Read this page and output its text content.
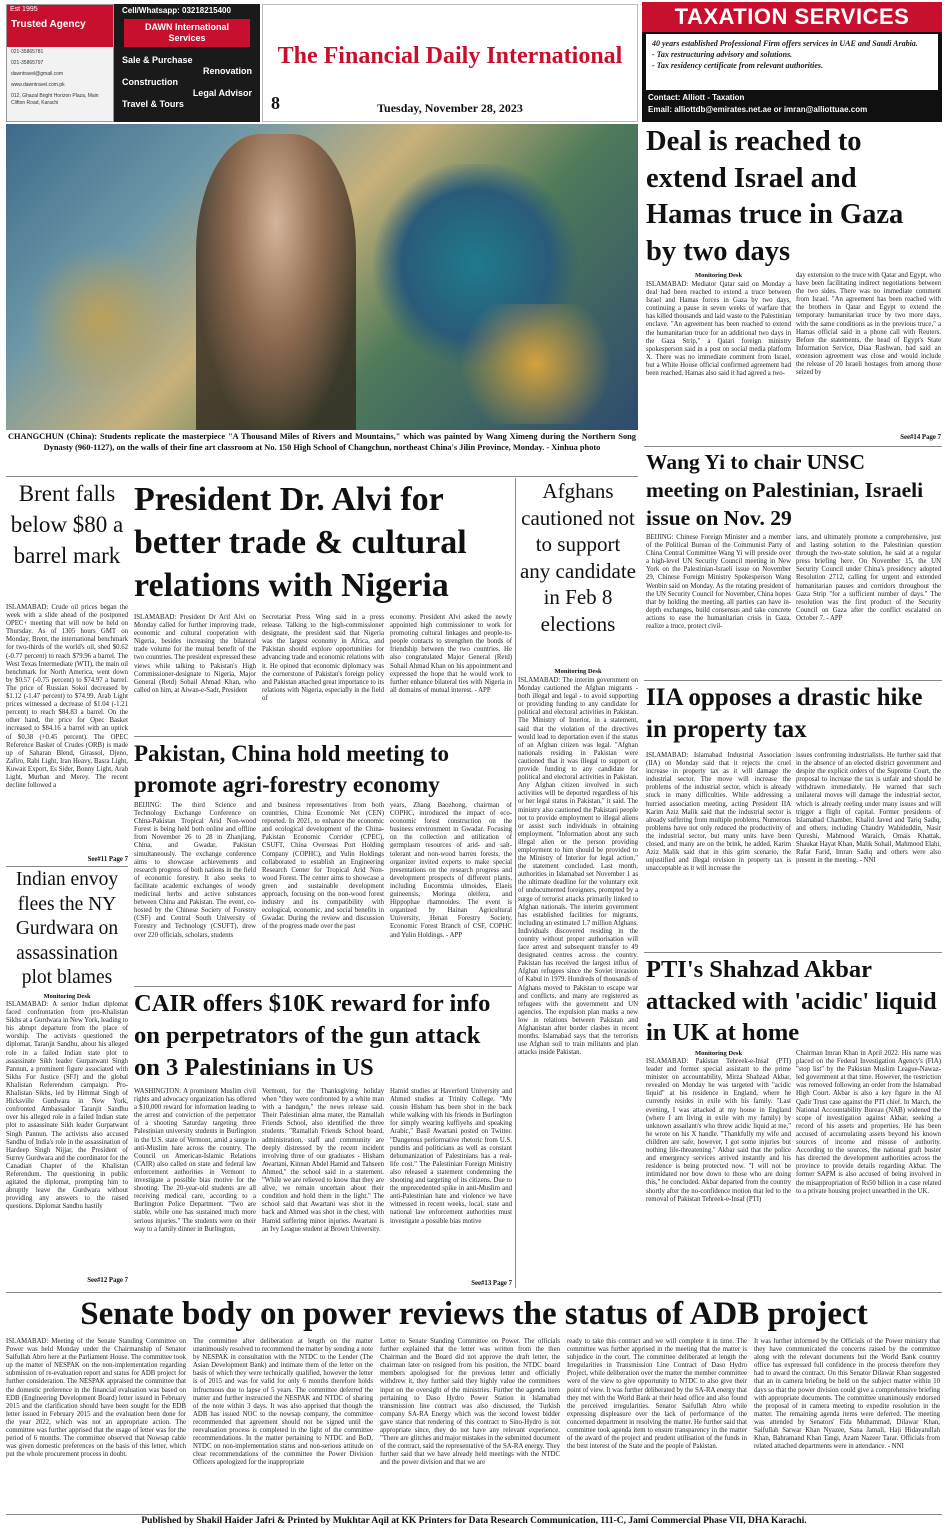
Est 1995
Trusted Agency
021-35865781
021-35865797
dawntravel@gmail.com
www.dawntravel.com.pk
012, Ghazal Bright Horizon Plaza, Main Clifton Road, Karachi
Cell/Whatsapp: 03218215400
DAWN International Services
Sale & Purchase
Renovation
Construction
Legal Advisor
Travel & Tours
The Financial Daily International
8	Tuesday, November 28, 2023
TAXATION SERVICES
40 years established Professional Firm offers services in UAE and Saudi Arabia.
- Tax restructuring advisory and solutions.
- Tax residency certificate from relevant authorities.
Contact: Alliott - Taxation
Email: alliottdb@emirates.net.ae or imran@alliottuae.com
CHANGCHUN (China): Students replicate the masterpiece "A Thousand Miles of Rivers and Mountains," which was painted by Wang Ximeng during the Northern Song Dynasty (960-1127), on the walls of their fine art classroom at No. 150 High School of Changchun, northeast China's Jilin Province, Monday. - Xinhua photo
Deal is reached to extend Israel and Hamas truce in Gaza by two days
Monitoring Desk
ISLAMABAD: Mediator Qatar said on Monday a deal had been reached to extend a truce between Israel and Hamas forces in Gaza by two days, continuing a pause in seven weeks of warfare that has killed thousands and laid waste to the Palestinian enclave. "An agreement has been reached to extend the humanitarian truce for an additional two days in the Gaza Strip," a Qatari foreign ministry spokesperson said in a post on social media platform X. There was no immediate comment from Israel, but a White House official confirmed agreement had been reached. Hamas also said it had agreed a two-
day extension to the truce with Qatar and Egypt, who have been facilitating indirect negotiations between the two sides. There was no immediate comment from Israel. "An agreement has been reached with the brothers in Qatar and Egypt to extend the temporary humanitarian truce by two more days, with the same conditions as in the previous truce," a Hamas official said in a phone call with Reuters. Before the statements, the head of Egypt's State Information Service, Diaa Rashwan, had said an extension agreement was close and would include the release of 20 Israeli hostages from among those seized by
See#14 Page 7
Wang Yi to chair UNSC meeting on Palestinian, Israeli issue on Nov. 29
BEIJING: Chinese Foreign Minister and a member of the Political Bureau of the Communist Party of China Central Committee Wang Yi will preside over a high-level UN Security Council meeting in New York on the Palestinian-Israeli issue on November 29, Chinese Foreign Ministry Spokesperson Wang Wenbin said on Monday. As the rotating president of the UN Security Council for November, China hopes that by holding the meeting, all parties can have in-depth exchanges, build consensus and take concrete actions to ease the humanitarian crisis in Gaza, realize a truce, protect civil-
ians, and ultimately promote a comprehensive, just and lasting solution to the Palestinian question through the two-state solution, he said at a regular press briefing here. On November 15, the UN Security Council under China's presidency adopted Resolution 2712, calling for urgent and extended humanitarian pauses and corridors throughout the Gaza Strip "for a sufficient number of days." The resolution was the first product of the Security Council on Gaza after the conflict escalated on October 7. - APP
IIA opposes a drastic hike in property tax
ISLAMABAD: Islamabad Industrial Association (IIA) on Monday said that it rejects the cruel increase in property tax as it will damage the industrial sector. The move will increase the problems of the industrial sector, which is already stuck in many difficulties. While addressing a hurried association meeting, acting President IIA Karim Aziz Malik said that the industrial sector is already suffering from multiple problems. Numerous problems have not only reduced the productivity of the industrial sector, but many units have been closed, and many are on the brink, he added. Karim Aziz Malik said that in this grim scenario, the unjustified and illegal revision in property tax is unacceptable as it will increase the
issues confronting industrialists. He further said that in the absence of an elected district government and despite the explicit orders of the Supreme Court, the proposal to increase the tax is unfair and should be withdrawn immediately. He warned that such unilateral moves will damage the industrial sector, which is already reeling under many issues and will trigger a flight of capital. Former presidents of Islamabad Chamber, Khalid Javed and Tariq Sadiq, and others, including Chaudry Wahiduddin, Nasir Qureshi, Mahmood Waraich, Omais Khattak, Shaukat Hayat Khan, Malik Sohail, Mahmood Elahi, Rafat Farid, Imran Sadiq and others were also present in the meeting. - NNI
PTI's Shahzad Akbar attacked with 'acidic' liquid in UK at home
Monitoring Desk
ISLAMABAD: Pakistan Tehreek-e-Insaf (PTI) leader and former special assistant to the prime minister on accountability, Mirza Shahzad Akbar, revealed on Monday he was targeted with "acidic liquid" at his residence in England, where he currently resides in exile with his family. "Last evening, I was attacked at my house in England (where I am living in exile with my family) by unknown assailant/s who threw acidic liquid at me," he wrote on his X handle. "Thankfully my wife and children are safe, however, I got some injuries but nothing life-threatening." Akbar said that the police and emergency services arrived instantly and his residence is being protected now. "I will not be intimidated nor bow down to those who are doing this," he concluded. Akbar departed from the country shortly after the no-confidence motion that led to the removal of Pakistan Tehreek-e-Insaf (PTI)
Chairman Imran Khan in April 2022. His name was placed on the Federal Investigation Agency's (FIA) "stop list" by the Pakistan Muslim League-Nawaz-led government at that time. However, the restriction was removed following an order from the Islamabad High Court. Akbar is also a key figure in the Al Qadir Trust case against the PTI chief. In March, the National Accountability Bureau (NAB) widened the scope of investigation against Akbar, seeking a record of his assets and properties. He has been accused of accumulating assets beyond his known sources of income and misuse of authority. According to the sources, the national graft buster has directed the development authorities across the province to provide details regarding Akbar. The former SAPM is also accused of being involved in the misappropriation of Rs50 billion in a case related to a private housing project unearthed in the UK.
Brent falls below $80 a barrel mark
ISLAMABAD: Crude oil prices began the week with a slide ahead of the postponed OPEC+ meeting that will now be held on Thursday. As of 1305 hours GMT on Monday, Brent, the international benchmark for two-thirds of the world's oil, shed $0.62 (-0.77 percent) to reach $79.96 a barrel. The West Texas Intermediate (WTI), the main oil benchmark for North America, went down by $0.57 (-0.75 percent) to $74.97 a barrel. The price of Russian Sokol decreased by $1.12 (-1.47 percent) to $74.99. Arab Light prices witnessed a decrease of $1.04 (-1.21 percent) to reach $84.83 a barrel. On the other hand, the price for Opec Basket increased to $84.16 a barrel with an uptick of $0.38 (+0.45 percent). The OPEC Reference Basket of Crudes (ORB) is made up of Saharan Blend, Girassol, Djeno, Zafiro, Rabi Light, Iran Heavy, Basra Light, Kuwait Export, Es Sider, Bonny Light, Arab Light, Murban and Merey. The recent decline followed a
See#11 Page 7
Indian envoy flees the NY Gurdwara on assassination plot blames
Monitoring Desk
ISLAMABAD: A senior Indian diplomat faced confrontation from pro-Khalistan Sikhs at a Gurdwara in New York, leading to his abrupt departure from the place of worship. The activists questioned the diplomat, Taranjit Sandhu, about his alleged role in a failed Indian state plot to assassinate Sikh leader Gurpatwant Singh Pannun, a prominent figure associated with Sikhs For Justice (SFJ) and the global Khalistan Referendum campaign. Pro-Khalistan Sikhs, led by Himmat Singh of Hicksville Gurdwara in New York, confronted Ambassador Taranjit Sandhu over his alleged role in a failed Indian state plot to assassinate Sikh leader Gurpatwant Singh Pannun. The activists also accused Sandhu of India's role in the assassination of Hardeep Singh Nijjar, the President of Surrey Gurdwara and the coordinator for the Canadian Chapter of the Khalistan Referendum. The questioning in public agitated the diplomat, prompting him to abruptly leave the Gurdwara without providing any answers to the raised questions. Diplomat Sandhu hastily
See#12 Page 7
President Dr. Alvi for better trade & cultural relations with Nigeria
ISLAMABAD: President Dr Arif Alvi on Monday called for further improving trade, economic and cultural cooperation with Nigeria, besides increasing the bilateral trade volume for the mutual benefit of the two countries. The president expressed these views while talking to Pakistan's High Commissioner-designate to Nigeria, Major General (Retd) Sohail Ahmad Khan, who called on him, at Aiwan-e-Sadr, President
Secretariat Press Wing said in a press release. Talking to the high-commissioner designate, the president said that Nigeria was the largest economy in Africa, and Pakistan should explore opportunities for advancing trade and economic relations with it. He opined that economic diplomacy was the cornerstone of Pakistan's foreign policy and Pakistan attached great importance to its relations with Nigeria, especially in the field of
economy. President Alvi asked the newly appointed high commissioner to work for promoting cultural linkages and people-to-people contacts to strengthen the bonds of friendship between the two countries. He also congratulated Major General (Retd) Sohail Ahmad Khan on his appointment and expressed the hope that he would work to further enhance bilateral ties with Nigeria in all domains of mutual interest. - APP
Pakistan, China hold meeting to promote agri-forestry economy
BEIJING: The third Science and Technology Exchange Conference on China-Pakistan Tropical Arid Non-wood Forest is being held both online and offline from November 26 to 28 in Zhanjiang, China, and Gwadar, Pakistan simultaneously. The exchange conference aims to showcase achievements and research progress of both nations in the field of economic forestry. It also seeks to facilitate academic exchanges of woody medicinal herbs and active substances between China and Pakistan. The event, co-hosted by the Chinese Society of Forestry (CSF) and Central South University of Forestry and Technology (CSUFT), drew over 220 officials, scholars, students
and business representatives from both countries, China Economic Net (CEN) reported. In 2021, to enhance the economic and ecological development of the China-Pakistan Economic Corridor (CPEC), CSUFT, China Overseas Port Holding Company (COPHC), and Yulin Holdings collaborated to establish an Engineering Research Center for Tropical Arid Non-wood Forest. The center aims to showcase a green and sustainable development approach, focusing on the non-wood forest industry and its compatibility with ecological, economic, and social benefits in Gwadar. During the review and discussion of the progress made over the past
years, Zhang Baozhong, chairman of COPHC, introduced the impact of eco-economic forest construction on the business environment in Gwadar. Focusing on the collection and utilization of germplasm resources of arid- and salt-tolerant and non-wood barren forests, the organizer invited experts to make special presentations on the research progress and development prospects of different plants, including Eucommia ulmoides, Elaeis guineensis, Moringa oleifera, and Hippophae rhamnoides. The event is organized by Hainan Agricultural University, Henan Forestry Society, Economic Forest Branch of CSF, COPHC and Yulin Holdings. - APP
CAIR offers $10K reward for info on perpetrators of the gun attack on 3 Palestinians in US
WASHINGTON: A prominent Muslim civil rights and advocacy organization has offered a $10,000 reward for information leading to the arrest and conviction of the perpetrator of a shooting Saturday targeting three Palestinian university students in Burlington in the U.S. state of Vermont, amid a surge in anti-Muslim hate across the country. The Council on American-Islamic Relations (CAIR) also called on state and federal law enforcement authorities in Vermont to investigate a possible bias motive for the shooting. The 20-year-old students are all receiving medical care, according to a Burlington Police Department. "Two are stable, while one has sustained much more serious injuries." The students were on their way to a family dinner in Burlington,
Vermont, for the Thanksgiving holiday when "they were confronted by a white man with a handgun," the news release said. Their Palestinian alma mater, the Ramallah Friends School, also identified the three students. "Ramallah Friends School board, administration, staff and community are deeply distressed by the recent incident involving three of our graduates - Hisham Awartani, Kinnan Abdel Hamid and Tahseen Ahmed," the school said in a statement. "While we are relieved to know that they are alive, we remain uncertain about their condition and hold them in the light." The school said that Awartani was shot in the back and Ahmed was shot in the chest, with Hamid suffering minor injuries. Awartani is an Ivy League student at Brown University.
Hamid studies at Haverford University and Ahmed studies at Trinity College. "My cousin Hisham has been shot in the back while walking with his friends in Burlington for simply wearing kuffiyehs and speaking Arabic," Basil Awartani posted on Twitter. "Dangerous performative rhetoric from U.S. pundits and politicians as well as constant dehumanization of Palestinians has a real-life cost." The Palestinian Foreign Ministry also released a statement condemning the shooting and targeting of its citizens. Due to the unprecedented spike in anti-Muslim and anti-Palestinian hate and violence we have witnessed in recent weeks, local, state and national law enforcement authorities must investigate a possible bias motive
See#13 Page 7
Afghans cautioned not to support any candidate in Feb 8 elections
Monitoring Desk
ISLAMABAD: The interim government on Monday cautioned the Afghan migrants - both illegal and legal - to avoid supporting or providing funding to any candidate for political and electoral activities in Pakistan. The Ministry of Interior, in a statement, said that the violation of the directives would lead to deportation even if the status of an Afghan citizen was legal. "Afghan nationals residing in Pakistan were cautioned that it was illegal to support or provide funding to any candidate for political and electoral activities in Pakistan. Any Afghan citizen involved in such activities will be deported regardless of his or her legal status in Pakistan," it said. The ministry also cautioned the Pakistani people not to provide employment to illegal aliens or assist such individuals in obtaining employment. "Information about any such illegal alien or the person providing employment to him should be provided to the Ministry of Interior for legal action," the statement concluded. Last month, authorities in Islamabad set November 1 as the ultimate deadline for the voluntary exit of undocumented foreigners, prompted by a surge of terrorist attacks primarily linked to Afghan nationals. The interim government has established facilities for migrants, including an estimated 1.7 million Afghans. Individuals discovered residing in the country without proper authorisation will face arrest and subsequent transfer to 49 designated centres across the country. Pakistan has received the largest influx of Afghan refugees since the Soviet invasion of Kabul in 1979. Hundreds of thousands of Afghans moved to Pakistan to escape war and conflicts, and many are registered as refugees with the government and UN agencies. The expulsion plan marks a new low in relations between Pakistan and Afghanistan after border clashes in recent months. Islamabad says that the terrorists use Afghan soil to train militants and plan attacks inside Pakistan.
Senate body on power reviews the status of ADB project
ISLAMABAD: Meeting of the Senate Standing Committee on Power was held Monday under the Chairmanship of Senator Saifullah Abro here at the Parliament House. The committee took up the matter of NESPAK on the non-implementation regarding submission of re-evaluation report and status for ADB project for further consideration. The NESPAK appraised the committee that the domestic preference in the financial evaluation was based on EDB (Engineering Development Board) letter issued in February 2015 and the clarification should have been sought for the EDB letter issued in February 2015 and the evaluation been done for the year 2022, which was not an appropriate action. The committee was further apprised that the usage of letter was for the period of 6 months. The committee observed that Nowsap cable was given domestic preferences on the basis of this letter, which put the whole procurement process in doubt.
The committee after deliberation at length on the matter unanimously resolved to recommend the matter by sending a note by NESPAK in consultation with the NTDC to the Lender (The Asian Development Bank) and intimate them of the letter on the basis of which they were technically qualified, however the letter is of 2015 and was for valid for only 6 months therefore holds infructuous due to lapse of 5 years. The committee deferred the matter and further instructed the NESPAK and NTDC of sharing of the note within 3 days. It was also apprised that though the ADB has issued NOC to the nowsap company, the committee recommended that agreement should not be signed until the reevaluation process is completed in the light of the committee recommendations. In the matter pertaining to NTDC and BoD, NTDC on non-implementation status and non-serious attitude on clear recommendations of the committee the Power Division Officers apologized for the inappropriate
Letter to Senate Standing Committee on Power. The officials further explained that the letter was written from the then Chairman and the Board did not approve the draft letter, the chairman later on resigned from his position, the NTDC board members apologised for the previous letter and officially withdrew it, they further said they highly value the committees input on the oversight of the ministries. Further the agenda item pertaining to Daso Hydro Power Station in Islamabad transmission line contract was also discussed, the Turkish company SA-RA Energy which was the second lowest bidder gave stance that rendering of this contract to Sino-Hydro is not appropriate since, they do not have any relevant experience. "There are glitches and major mistakes in the submitted document of the contract, said the representative of the SA-RA energy. They further said that we have already held meetings with the NTDC and the power division and that we are
ready to take this contract and we will complete it in time. The committee was further apprised in the meeting that the matter is subjudice in the court. The committee deliberated at length the Irregularities in Transmission Line Contract of Daso Hydro Project, while deliberation over the matter the member committee were of the view to give opportunity to NTDC to also give their point of view. It was further deliberated by the SA-RA energy that they met with the World Bank at their head office and also found the perceived irregularities. Senator Saifullah Abro while expressing displeasure over the lack of performance of the concerned department in resolving the matter. He further said that committee took agenda item to ensure transparency in the matter of the award of the project and prudent utilisation of the funds in the best interest of the State and the people of Pakistan.
It was further informed by the Officials of the Power ministry that they have communicated the concerns raised by the committee along with the relevant documents but the World Bank country office has expressed full confidence in the process therefore they had to award the contract. On this Senator Dilawar Khan suggested that an in camera briefing be held on the subject matter within 10 days so that the power division could give a comprehensive briefing with appropriate documents. The committee unanimously endorsed the proposal of in camera meeting to expedite resolution in the matter. The remaining agenda items were deferred. The meeting was attended by Senators' Fida Muhammad, Dilawar Khan, Saifullah Sarwar Khan Nyazee, Sana Jamali, Haji Hidayatullah Khan, Bahramand Khan Tangi, Azam Nazeer Tarar. Officials from related attached departments were in attendance. - NNI
Published by Shakil Haider Jafri & Printed by Mukhtar Aqil at KK Printers for Data Research Communication, 111-C, Jami Commercial Phase VII, DHA Karachi.
